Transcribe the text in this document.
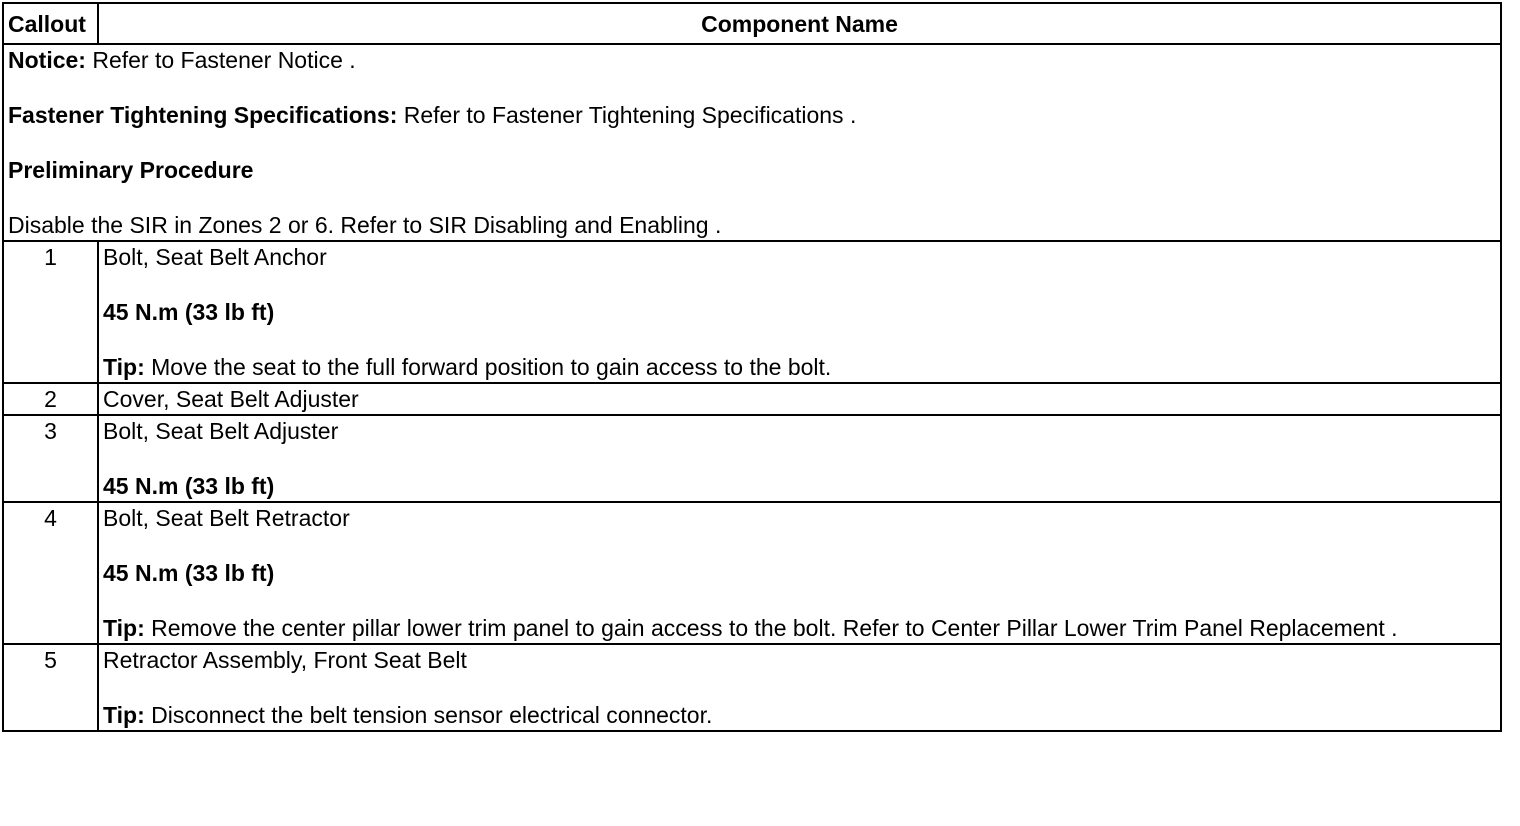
Callout	Component Name

Notice: Refer to Fastener Notice .

Fastener Tightening Specifications: Refer to Fastener Tightening Specifications .

Preliminary Procedure

Disable the SIR in Zones 2 or 6. Refer to SIR Disabling and Enabling .	

1	Bolt, Seat Belt Anchor

45 N.m (33 lb ft)

Tip: Move the seat to the full forward position to gain access to the bolt.

2	Cover, Seat Belt Adjuster

3	Bolt, Seat Belt Adjuster

45 N.m (33 lb ft)

4	Bolt, Seat Belt Retractor

45 N.m (33 lb ft)

Tip: Remove the center pillar lower trim panel to gain access to the bolt. Refer to Center Pillar Lower Trim Panel Replacement .

5	Retractor Assembly, Front Seat Belt

Tip: Disconnect the belt tension sensor electrical connector.
